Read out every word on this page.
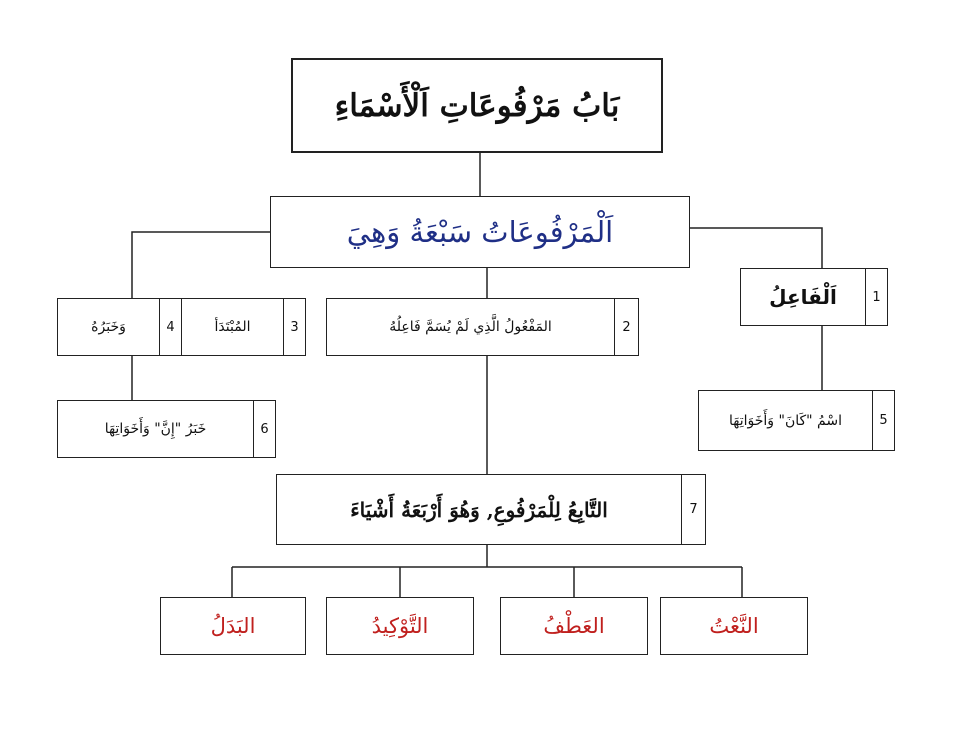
بَابُ مَرْفُوعَاتِ اَلْأَسْمَاءِ
اَلْمَرْفُوعَاتُ سَبْعَةُ وَهِيَ
اَلْفَاعِلُ	1
المَفْعُولُ الَّذِي لَمْ يُسَمَّ فَاعِلُهُ	2
وَخَبَرُهُ	4	المُبْتَدَأ	3
اسْمُ "كَانَ" وَأَخَوَاتِهَا	5
خَبَرُ "إِنَّ" وَأَخَوَاتِهَا	6
التَّابِعُ لِلْمَرْفُوعِ, وَهُوَ أَرْبَعَةُ أَشْيَاءَ	7
البَدَلُ	التَّوْكِيدُ	العَطْفُ	النَّعْتُ
